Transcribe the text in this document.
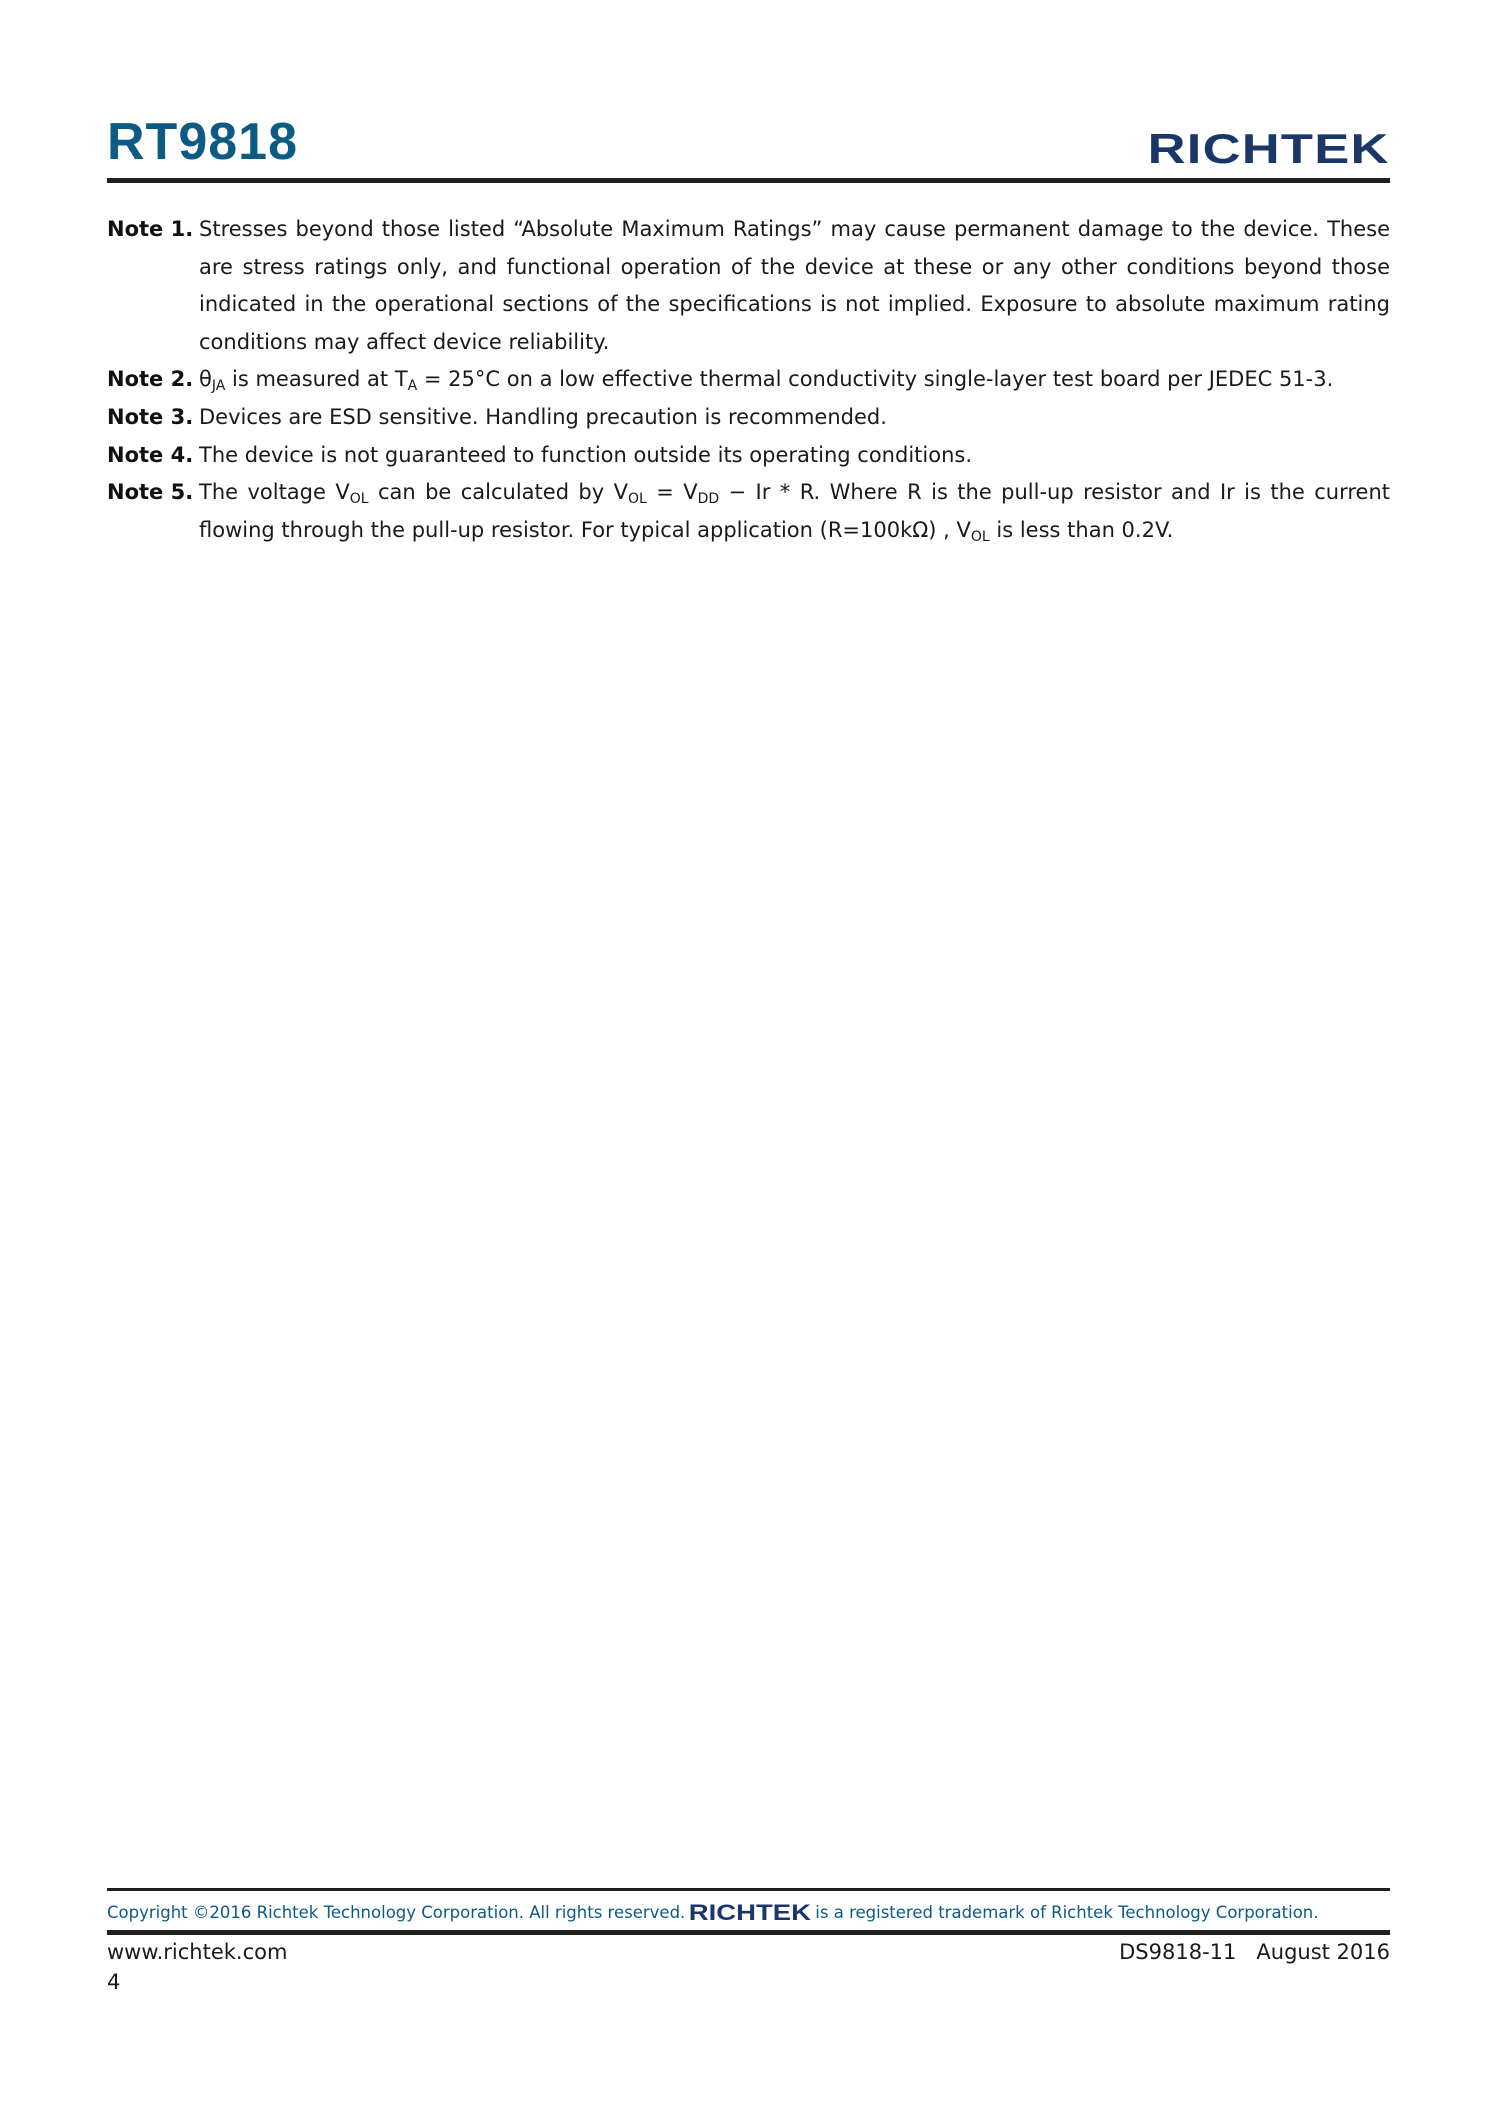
RT9818	RICHTEK
Note 1. Stresses beyond those listed “Absolute Maximum Ratings” may cause permanent damage to the device. These are stress ratings only, and functional operation of the device at these or any other conditions beyond those indicated in the operational sections of the specifications is not implied. Exposure to absolute maximum rating conditions may affect device reliability.
Note 2. $\theta_{JA}$ is measured at $T_A = 25^\circ C$ on a low effective thermal conductivity single-layer test board per JEDEC 51-3.
Note 3. Devices are ESD sensitive. Handling precaution is recommended.
Note 4. The device is not guaranteed to function outside its operating conditions.
Note 5. The voltage $V_{OL}$ can be calculated by $V_{OL} = V_{DD} - Ir * R$. Where R is the pull-up resistor and Ir is the current flowing through the pull-up resistor. For typical application (R=100kΩ) , $V_{OL}$ is less than 0.2V.
Copyright ©2016 Richtek Technology Corporation. All rights reserved. RICHTEK is a registered trademark of Richtek Technology Corporation.
www.richtek.com	DS9818-11 August 2016
4
